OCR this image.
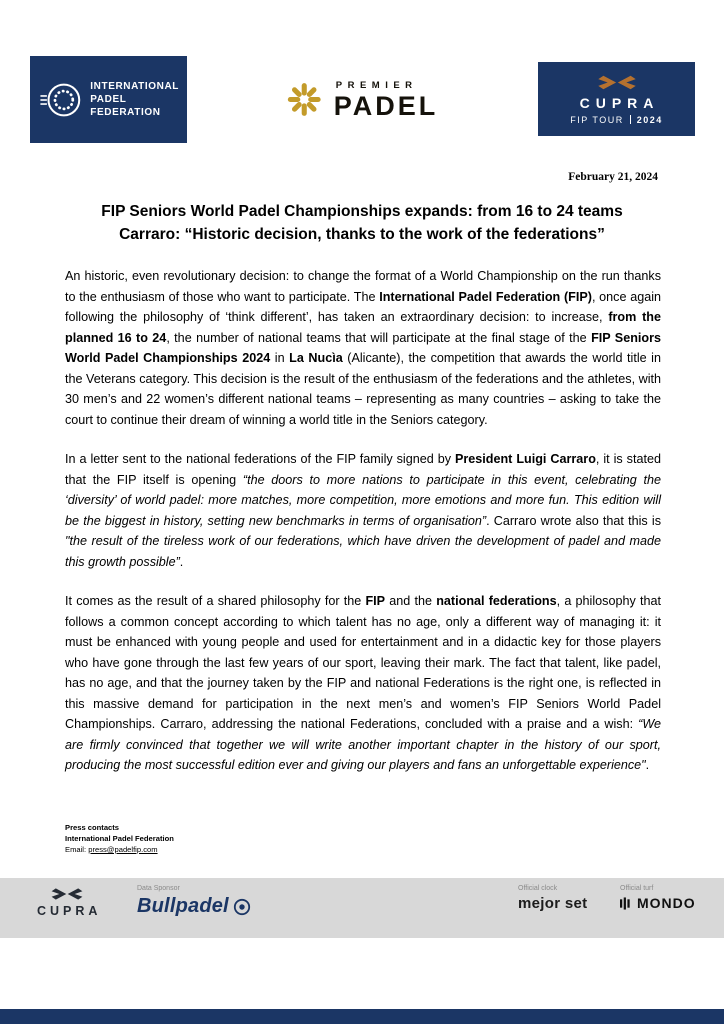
INTERNATIONAL
PADEL
FEDERATION
PREMIER
PADEL	CUPRA
FIP TOUR 2024
February 21, 2024
FIP Seniors World Padel Championships expands: from 16 to 24 teams
Carraro: “Historic decision, thanks to the work of the federations”

An historic, even revolutionary decision: to change the format of a World Championship on the run thanks to the enthusiasm of those who want to participate. The International Padel Federation (FIP), once again following the philosophy of ‘think different’, has taken an extraordinary decision: to increase, from the planned 16 to 24, the number of national teams that will participate at the final stage of the FIP Seniors World Padel Championships 2024 in La Nucìa (Alicante), the competition that awards the world title in the Veterans category. This decision is the result of the enthusiasm of the federations and the athletes, with 30 men’s and 22 women’s different national teams – representing as many countries – asking to take the court to continue their dream of winning a world title in the Seniors category.

In a letter sent to the national federations of the FIP family signed by President Luigi Carraro, it is stated that the FIP itself is opening “the doors to more nations to participate in this event, celebrating the ‘diversity’ of world padel: more matches, more competition, more emotions and more fun. This edition will be the biggest in history, setting new benchmarks in terms of organisation”. Carraro wrote also that this is "the result of the tireless work of our federations, which have driven the development of padel and made this growth possible”.

It comes as the result of a shared philosophy for the FIP and the national federations, a philosophy that follows a common concept according to which talent has no age, only a different way of managing it: it must be enhanced with young people and used for entertainment and in a didactic key for those players who have gone through the last few years of our sport, leaving their mark. The fact that talent, like padel, has no age, and that the journey taken by the FIP and national Federations is the right one, is reflected in this massive demand for participation in the next men’s and women’s FIP Seniors World Padel Championships. Carraro, addressing the national Federations, concluded with a praise and a wish: “We are firmly convinced that together we will write another important chapter in the history of our sport, producing the most successful edition ever and giving our players and fans an unforgettable experience".

Press contacts
International Padel Federation
Email: press@padelfip.com
CUPRA
Data Sponsor
Bullpadel
Official clock
mejor set
Official turf
MONDO
